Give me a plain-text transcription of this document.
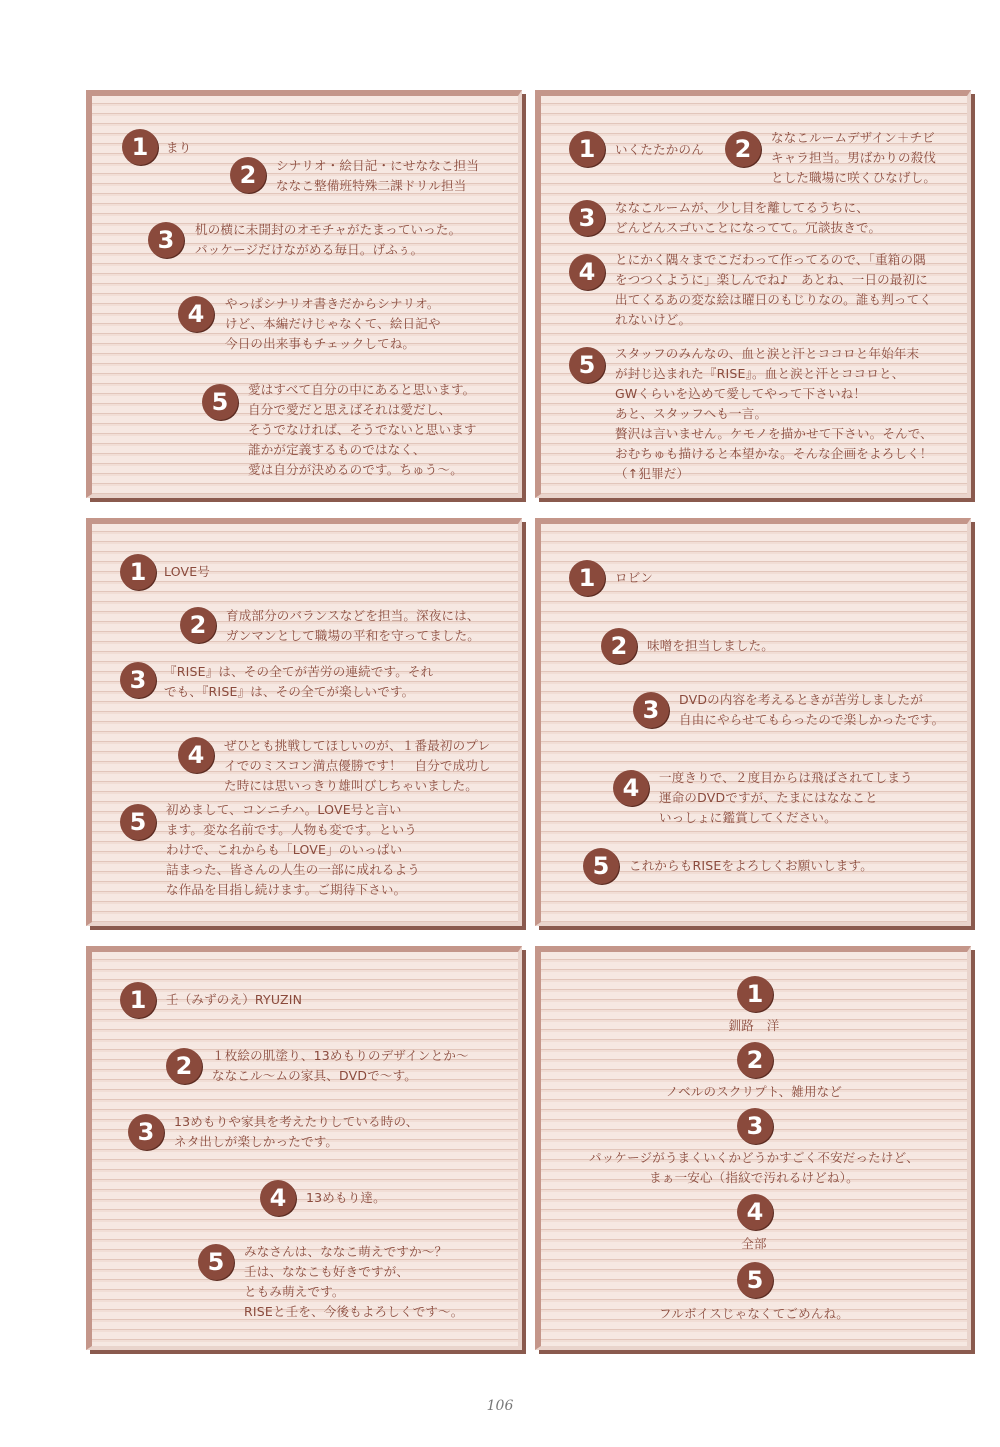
1	まり
2	シナリオ・絵日記・にせななこ担当
ななこ整備班特殊二課ドリル担当
3	机の横に未開封のオモチャがたまっていった。
パッケージだけながめる毎日。げふぅ。
4	やっぱシナリオ書きだからシナリオ。
けど、本編だけじゃなくて、絵日記や
今日の出来事もチェックしてね。
5	愛はすべて自分の中にあると思います。
自分で愛だと思えばそれは愛だし、
そうでなければ、そうでないと思います
誰かが定義するものではなく、
愛は自分が決めるのです。ちゅう〜。
1	いくたたかのん	2	ななこルームデザイン＋チビ
キャラ担当。男ばかりの殺伐
とした職場に咲くひなげし。
3	ななこルームが、少し目を離してるうちに、
どんどんスゴいことになってて。冗談抜きで。
4	とにかく隅々までこだわって作ってるので、「重箱の隅
をつつくように」楽しんでね♪　あとね、一日の最初に
出てくるあの変な絵は曜日のもじりなの。誰も判ってく
れないけど。
5	スタッフのみんなの、血と涙と汗とココロと年始年末
が封じ込まれた『RISE』。血と涙と汗とココロと、
GWくらいを込めて愛してやって下さいね！
あと、スタッフへも一言。
贅沢は言いません。ケモノを描かせて下さい。そんで、
おむちゅも描けると本望かな。そんな企画をよろしく！
（↑犯罪だ）
1	LOVE号
2	育成部分のバランスなどを担当。深夜には、
ガンマンとして職場の平和を守ってました。
3	『RISE』は、その全てが苦労の連続です。それ
でも、『RISE』は、その全てが楽しいです。
4	ぜひとも挑戦してほしいのが、１番最初のプレ
イでのミスコン満点優勝です！　自分で成功し
た時には思いっきり雄叫びしちゃいました。
5	初めまして、コンニチハ。LOVE号と言い
ます。変な名前です。人物も変です。という
わけで、これからも「LOVE」のいっぱい
詰まった、皆さんの人生の一部に成れるよう
な作品を目指し続けます。ご期待下さい。
1	ロビン
2	味噌を担当しました。
3	DVDの内容を考えるときが苦労しましたが
自由にやらせてもらったので楽しかったです。
4	一度きりで、２度目からは飛ばされてしまう
運命のDVDですが、たまにはななこと
いっしょに鑑賞してください。
5	これからもRISEをよろしくお願いします。
1	壬（みずのえ）RYUZIN
2	１枚絵の肌塗り、13めもりのデザインとか〜
ななこル〜ムの家具、DVDで〜す。
3	13めもりや家具を考えたりしている時の、
ネタ出しが楽しかったです。
4	13めもり達。
5	みなさんは、ななこ萌えですか〜？
壬は、ななこも好きですが、
ともみ萌えです。
RISEと壬を、今後もよろしくです〜。
1
釧路　洋
2
ノベルのスクリプト、雑用など
3
パッケージがうまくいくかどうかすごく不安だったけど、
まぁ一安心（指紋で汚れるけどね）。
4
全部
5
フルボイスじゃなくてごめんね。
106
